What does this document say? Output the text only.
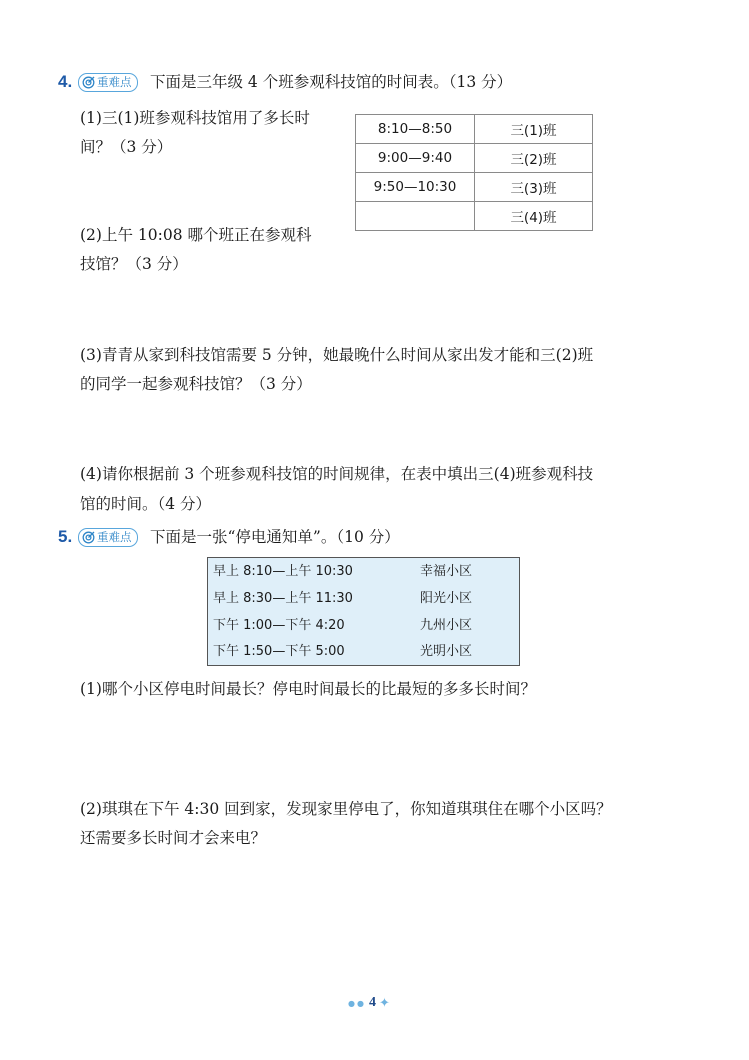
4. 重难点 下面是三年级 4 个班参观科技馆的时间表。（13 分）
(1)三(1)班参观科技馆用了多长时
间？（3 分）
8:10—8:50	三(1)班
9:00—9:40	三(2)班
9:50—10:30	三(3)班
	三(4)班
(2)上午 10:08 哪个班正在参观科
技馆？（3 分）
(3)青青从家到科技馆需要 5 分钟，她最晚什么时间从家出发才能和三(2)班
的同学一起参观科技馆？（3 分）
(4)请你根据前 3 个班参观科技馆的时间规律，在表中填出三(4)班参观科技
馆的时间。（4 分）
5. 重难点 下面是一张“停电通知单”。（10 分）
早上 8:10—上午 10:30	幸福小区
早上 8:30—上午 11:30	阳光小区
下午 1:00—下午 4:20	九州小区
下午 1:50—下午 5:00	光明小区
(1)哪个小区停电时间最长？停电时间最长的比最短的多多长时间？
(2)琪琪在下午 4:30 回到家，发现家里停电了，你知道琪琪住在哪个小区吗？
还需要多长时间才会来电？
●● 4 ✦
